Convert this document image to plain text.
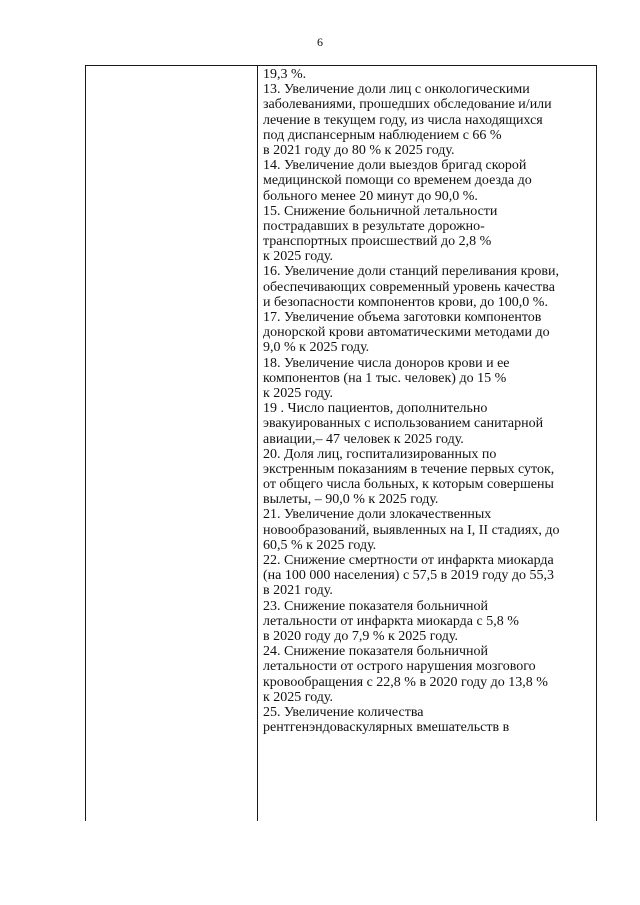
6
19,3 %.
13. Увеличение доли лиц с онкологическими
заболеваниями, прошедших обследование и/или
лечение в текущем году, из числа находящихся
под диспансерным наблюдением с 66 %
в 2021 году до 80 % к 2025 году.
14. Увеличение доли выездов бригад скорой
медицинской помощи со временем доезда до
больного менее 20 минут до 90,0 %.
15. Снижение больничной летальности
пострадавших в результате дорожно-
транспортных происшествий до 2,8 %
к 2025 году.
16. Увеличение доли станций переливания крови,
обеспечивающих современный уровень качества
и безопасности компонентов крови, до 100,0 %.
17. Увеличение объема заготовки компонентов
донорской крови автоматическими методами до
9,0 % к 2025 году.
18. Увеличение числа доноров крови и ее
компонентов (на 1 тыс. человек) до 15 %
к 2025 году.
19 . Число пациентов, дополнительно
эвакуированных с использованием санитарной
авиации,– 47 человек к 2025 году.
20. Доля лиц, госпитализированных по
экстренным показаниям в течение первых суток,
от общего числа больных, к которым совершены
вылеты, – 90,0 % к 2025 году.
21. Увеличение доли злокачественных
новообразований, выявленных на I, II стадиях, до
60,5 % к 2025 году.
22. Снижение смертности от инфаркта миокарда
(на 100 000 населения) с 57,5 в 2019 году до 55,3
в 2021 году.
23. Снижение показателя больничной
летальности от инфаркта миокарда с 5,8 %
в 2020 году до 7,9 % к 2025 году.
24. Снижение показателя больничной
летальности от острого нарушения мозгового
кровообращения с 22,8 % в 2020 году до 13,8 %
к 2025 году.
25. Увеличение количества
рентгенэндоваскулярных вмешательств в
